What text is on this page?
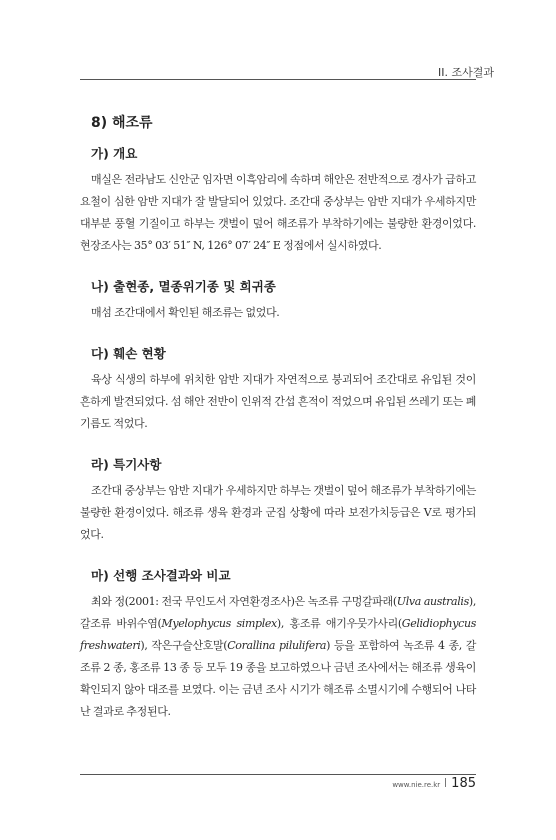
II. 조사결과
8) 해조류
가) 개요

매실은 전라남도 신안군 임자면 이흑암리에 속하며 해안은 전반적으로 경사가 급하고 요철이 심한 암반 지대가 잘 발달되어 있었다. 조간대 중상부는 암반 지대가 우세하지만 대부분 풍혈 기질이고 하부는 갯벌이 덮어 해조류가 부착하기에는 불량한 환경이었다. 현장조사는 35° 03′ 51″ N, 126° 07′ 24″ E 정점에서 실시하였다.

나) 출현종, 멸종위기종 및 희귀종

매섬 조간대에서 확인된 해조류는 없었다.

다) 훼손 현황

육상 식생의 하부에 위치한 암반 지대가 자연적으로 붕괴되어 조간대로 유입된 것이 흔하게 발견되었다. 섬 해안 전반이 인위적 간섭 흔적이 적었으며 유입된 쓰레기 또는 폐기름도 적었다.

라) 특기사항

조간대 중상부는 암반 지대가 우세하지만 하부는 갯벌이 덮어 해조류가 부착하기에는 불량한 환경이었다. 해조류 생육 환경과 군집 상황에 따라 보전가치등급은 V로 평가되었다.

마) 선행 조사결과와 비교

최와 정(2001: 전국 무인도서 자연환경조사)은 녹조류 구멍갈파래(Ulva australis), 갈조류 바위수염(Myelophycus simplex), 홍조류 애기우뭇가사리(Gelidiophycus freshwateri), 작은구슬산호말(Corallina pilulifera) 등을 포함하여 녹조류 4 종, 갈조류 2 종, 홍조류 13 종 등 모두 19 종을 보고하였으나 금년 조사에서는 해조류 생육이 확인되지 않아 대조를 보였다. 이는 금년 조사 시기가 해조류 소멸시기에 수행되어 나타난 결과로 추정된다.

www.nie.re.kr 185
